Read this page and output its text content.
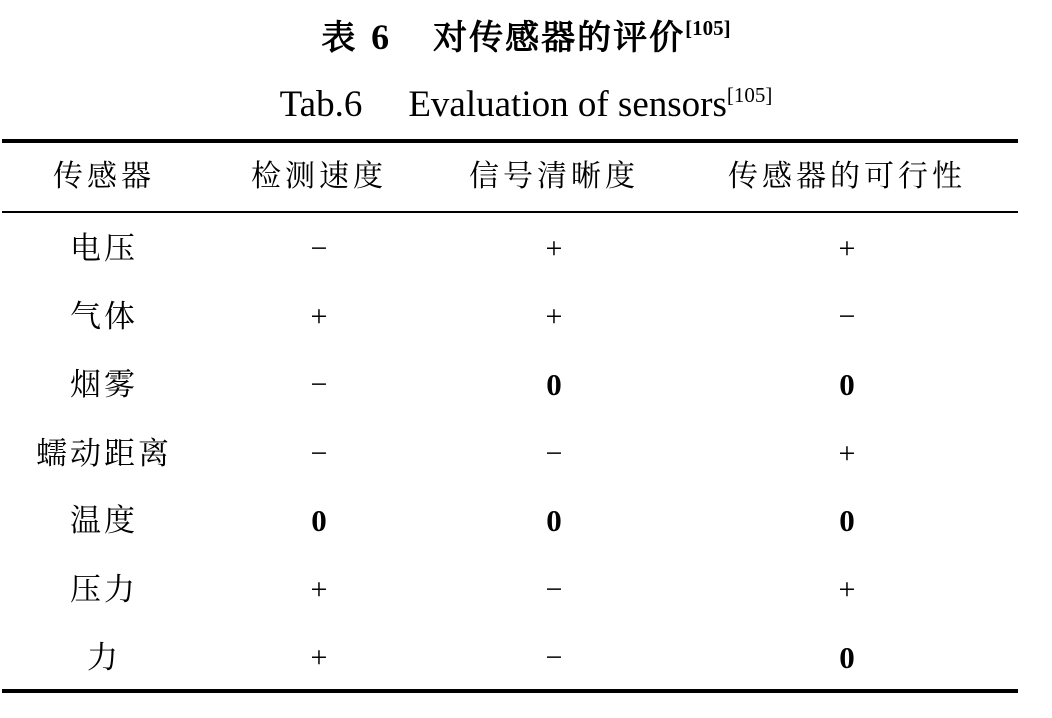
表 6 对传感器的评价[105]
Tab.6 Evaluation of sensors[105]
传感器	检测速度	信号清晰度	传感器的可行性
电压	−	+	+
气体	+	+	−
烟雾	−	0	0
蠕动距离	−	−	+
温度	0	0	0
压力	+	−	+
力	+	−	0
